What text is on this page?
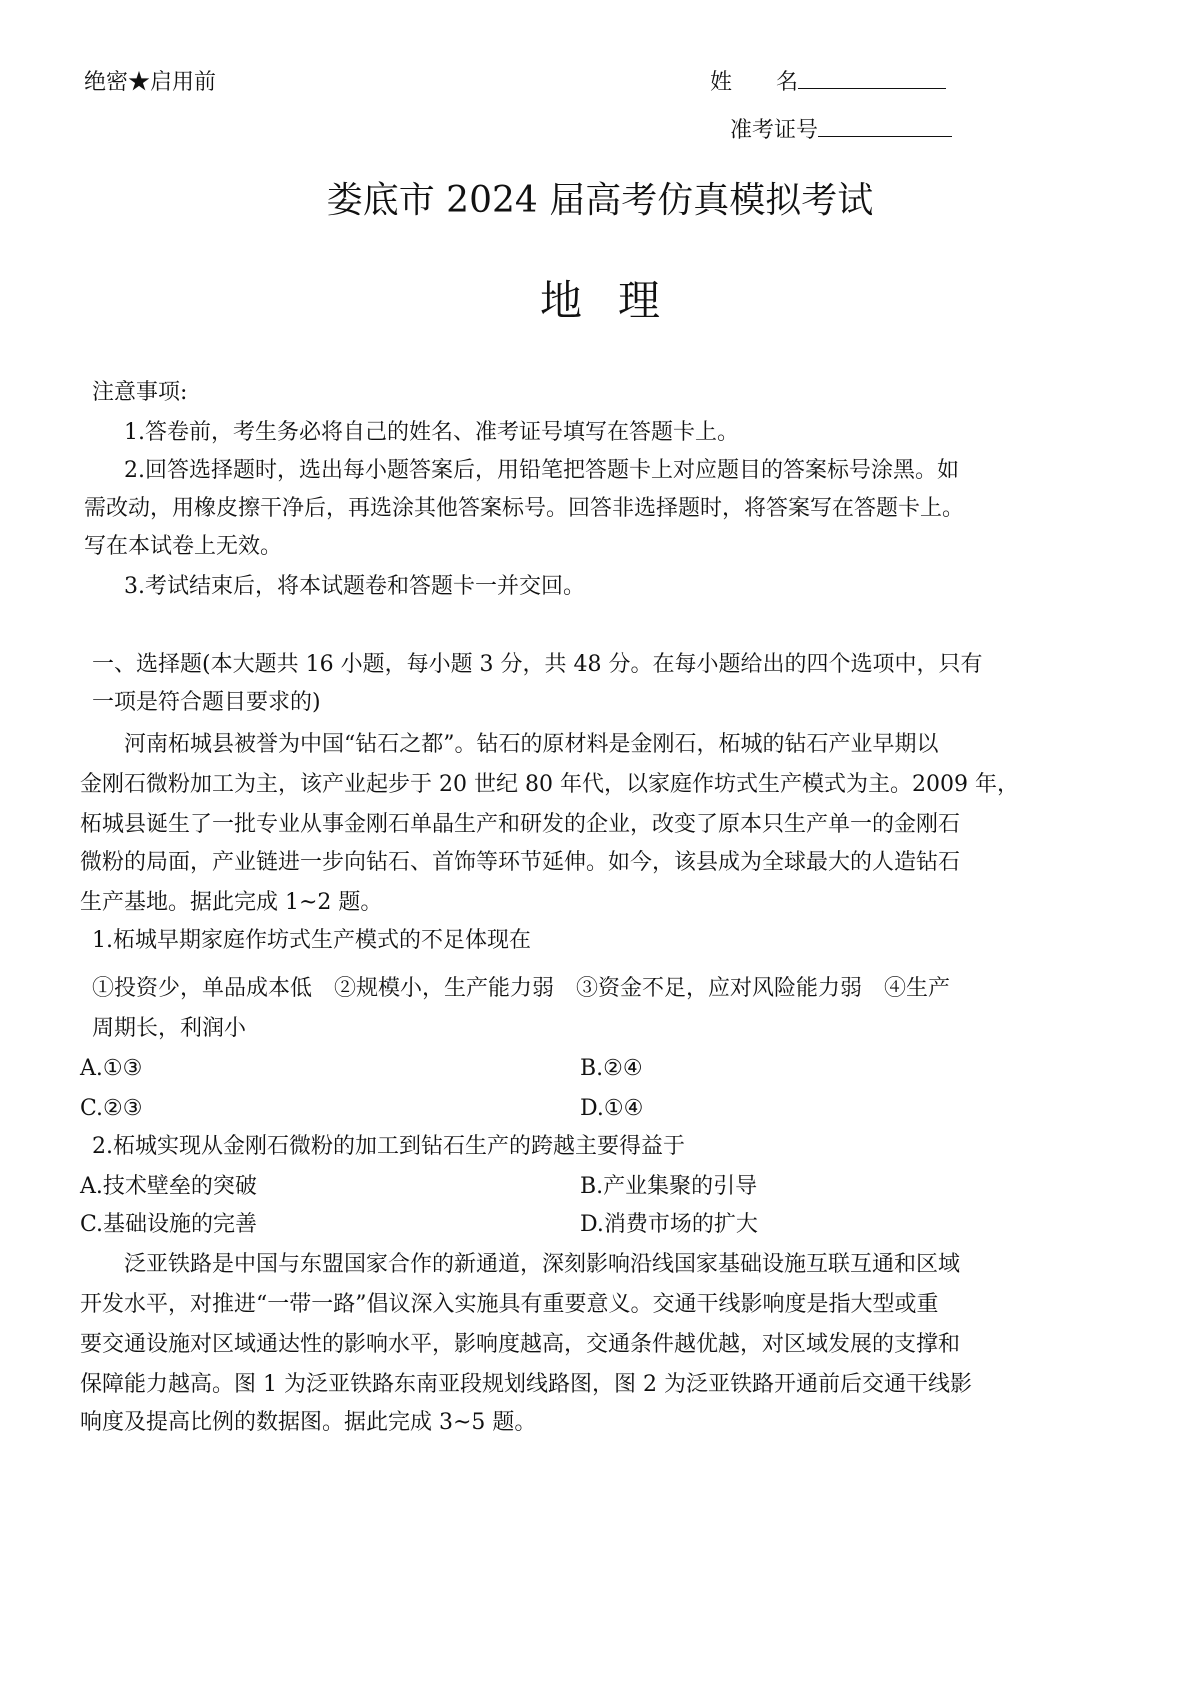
绝密★启用前	姓　　名
准考证号
娄底市 2024 届高考仿真模拟考试
地理
注意事项:
1.答卷前，考生务必将自己的姓名、准考证号填写在答题卡上。
2.回答选择题时，选出每小题答案后，用铅笔把答题卡上对应题目的答案标号涂黑。如
需改动，用橡皮擦干净后，再选涂其他答案标号。回答非选择题时，将答案写在答题卡上。
写在本试卷上无效。
3.考试结束后，将本试题卷和答题卡一并交回。
一、选择题(本大题共 16 小题，每小题 3 分，共 48 分。在每小题给出的四个选项中，只有
一项是符合题目要求的)
河南柘城县被誉为中国“钻石之都”。钻石的原材料是金刚石，柘城的钻石产业早期以
金刚石微粉加工为主，该产业起步于 20 世纪 80 年代，以家庭作坊式生产模式为主。2009 年，
柘城县诞生了一批专业从事金刚石单晶生产和研发的企业，改变了原本只生产单一的金刚石
微粉的局面，产业链进一步向钻石、首饰等环节延伸。如今，该县成为全球最大的人造钻石
生产基地。据此完成 1~2 题。
1.柘城早期家庭作坊式生产模式的不足体现在
①投资少，单品成本低　②规模小，生产能力弱　③资金不足，应对风险能力弱　④生产
周期长，利润小
A.①③	B.②④
C.②③	D.①④
2.柘城实现从金刚石微粉的加工到钻石生产的跨越主要得益于
A.技术壁垒的突破	B.产业集聚的引导
C.基础设施的完善	D.消费市场的扩大
泛亚铁路是中国与东盟国家合作的新通道，深刻影响沿线国家基础设施互联互通和区域
开发水平，对推进“一带一路”倡议深入实施具有重要意义。交通干线影响度是指大型或重
要交通设施对区域通达性的影响水平，影响度越高，交通条件越优越，对区域发展的支撑和
保障能力越高。图 1 为泛亚铁路东南亚段规划线路图，图 2 为泛亚铁路开通前后交通干线影
响度及提高比例的数据图。据此完成 3~5 题。
